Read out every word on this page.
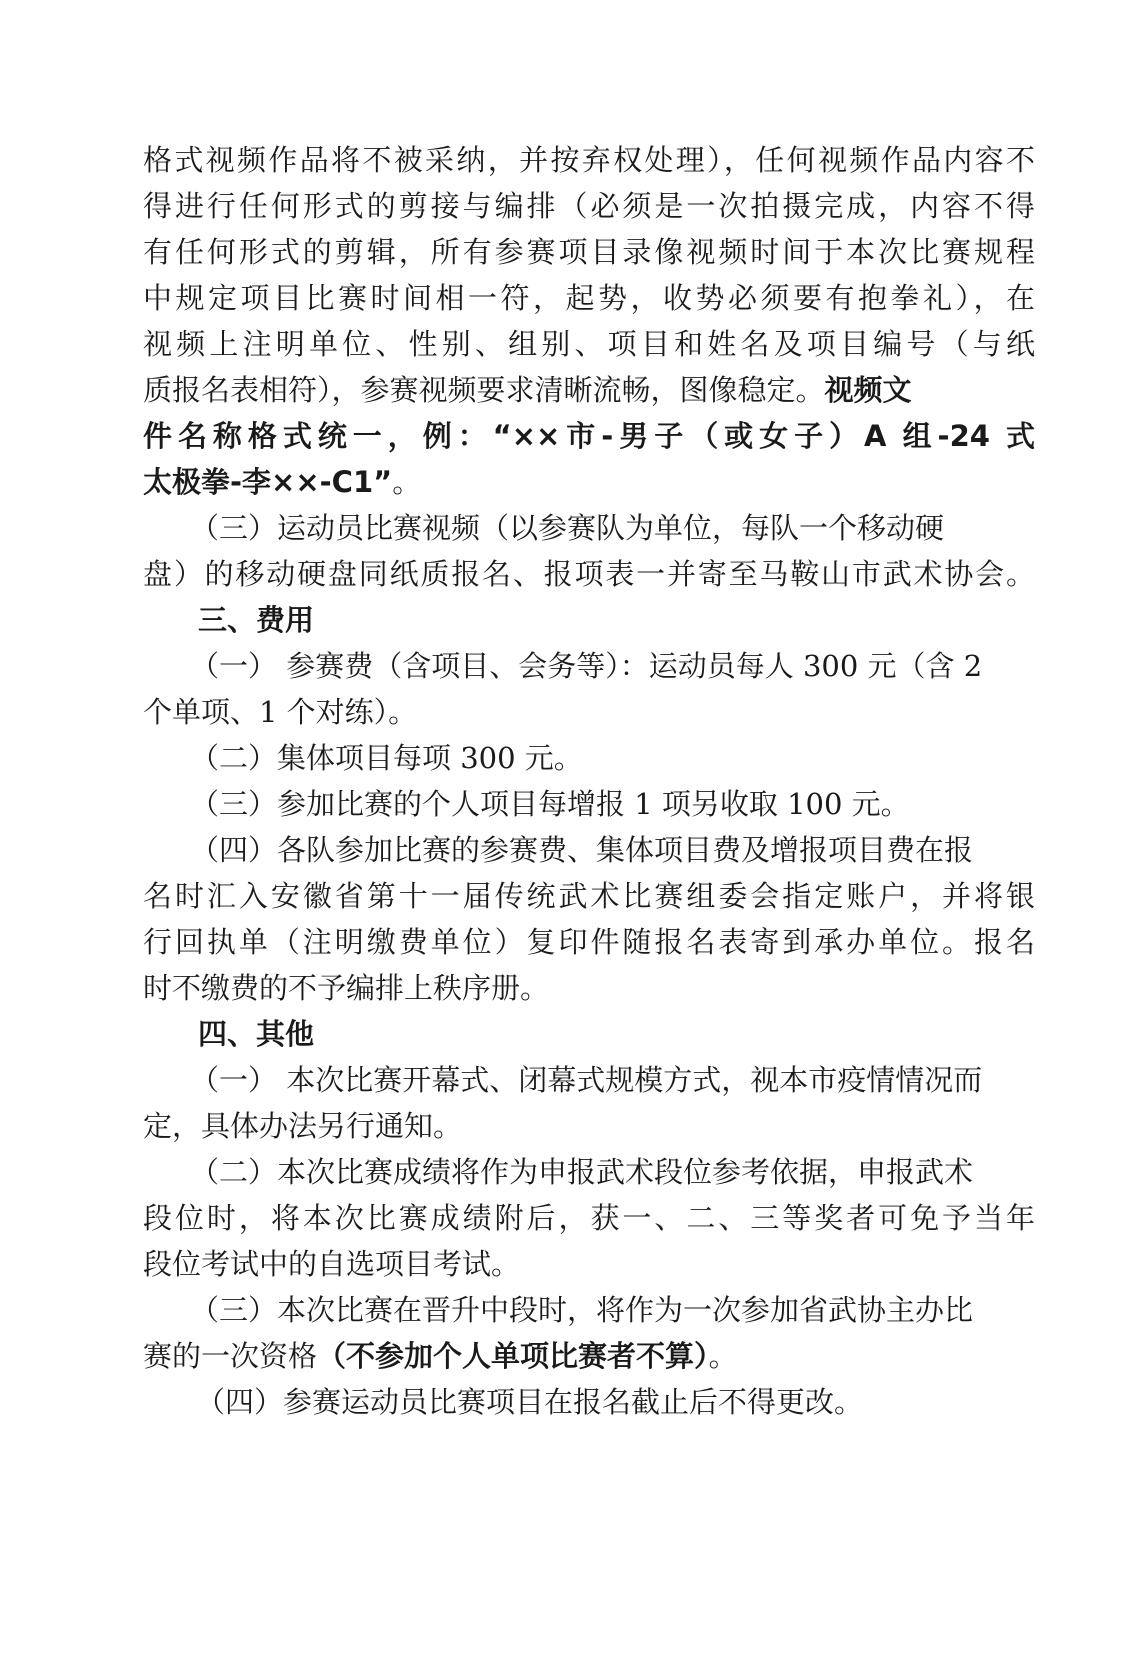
格式视频作品将不被采纳，并按弃权处理），任何视频作品内容不
得进行任何形式的剪接与编排（必须是一次拍摄完成，内容不得
有任何形式的剪辑，所有参赛项目录像视频时间于本次比赛规程
中规定项目比赛时间相一符，起势，收势必须要有抱拳礼），在
视频上注明单位、性别、组别、项目和姓名及项目编号（与纸
质报名表相符），参赛视频要求清晰流畅，图像稳定。视频文
件名称格式统一，例：“××市-男子（或女子）A 组-24 式
太极拳-李××-C1”。
（三）运动员比赛视频（以参赛队为单位，每队一个移动硬
盘）的移动硬盘同纸质报名、报项表一并寄至马鞍山市武术协会。
三、费用
（一） 参赛费（含项目、会务等）：运动员每人 300 元（含 2
个单项、1 个对练）。
（二）集体项目每项 300 元。
（三）参加比赛的个人项目每增报 1 项另收取 100 元。
（四）各队参加比赛的参赛费、集体项目费及增报项目费在报
名时汇入安徽省第十一届传统武术比赛组委会指定账户，并将银
行回执单（注明缴费单位）复印件随报名表寄到承办单位。报名
时不缴费的不予编排上秩序册。
四、其他
（一） 本次比赛开幕式、闭幕式规模方式，视本市疫情情况而
定，具体办法另行通知。
（二）本次比赛成绩将作为申报武术段位参考依据，申报武术
段位时，将本次比赛成绩附后，获一、二、三等奖者可免予当年
段位考试中的自选项目考试。
（三）本次比赛在晋升中段时，将作为一次参加省武协主办比
赛的一次资格（不参加个人单项比赛者不算）。
（四）参赛运动员比赛项目在报名截止后不得更改。
